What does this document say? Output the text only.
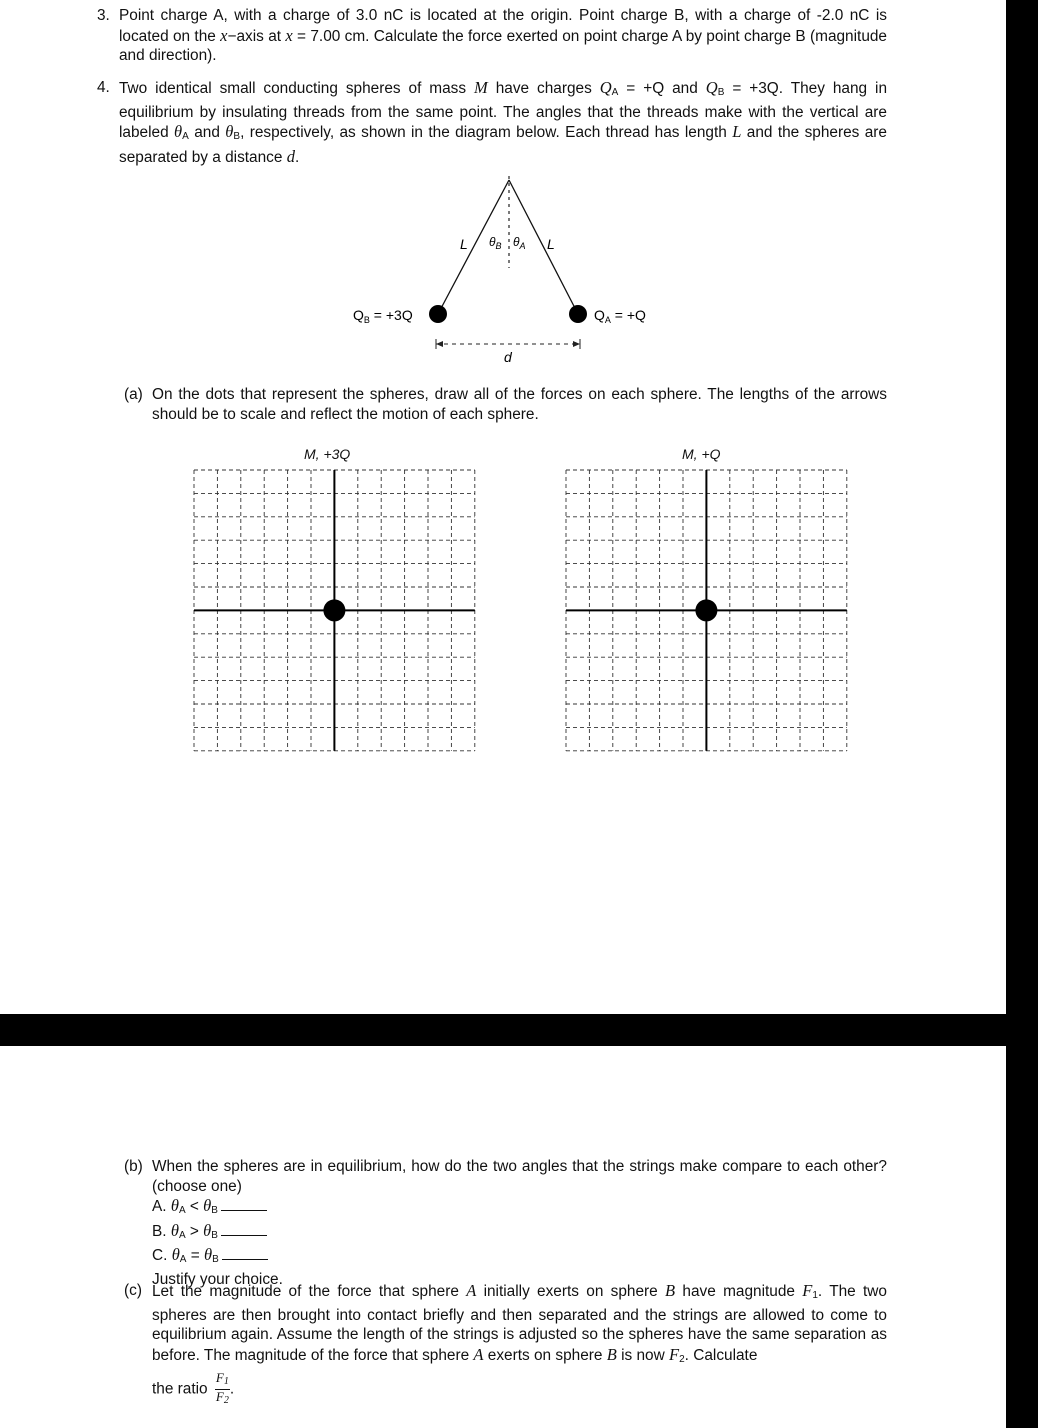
3. Point charge A, with a charge of 3.0 nC is located at the origin. Point charge B, with a charge of -2.0 nC is located on the x−axis at x = 7.00 cm. Calculate the force exerted on point charge A by point charge B (magnitude and direction).
4. Two identical small conducting spheres of mass M have charges $Q_A = +Q$ and $Q_B = +3Q$. They hang in equilibrium by insulating threads from the same point. The angles that the threads make with the vertical are labeled $\theta_A$ and $\theta_B$, respectively, as shown in the diagram below. Each thread has length L and the spheres are separated by a distance d.
L	L
$\theta_B$ $\theta_A$
$Q_B = +3Q$	$Q_A = +Q$
d
(a) On the dots that represent the spheres, draw all of the forces on each sphere. The lengths of the arrows should be to scale and reflect the motion of each sphere.
M, +3Q	M, +Q
(b) When the spheres are in equilibrium, how do the two angles that the strings make compare to each other? (choose one)
A. $\theta_A < \theta_B$
B. $\theta_A > \theta_B$
C. $\theta_A = \theta_B$
Justify your choice.
(c) Let the magnitude of the force that sphere A initially exerts on sphere B have magnitude $F_1$. The two spheres are then brought into contact briefly and then separated and the strings are allowed to come to equilibrium again. Assume the length of the strings is adjusted so the spheres have the same separation as before. The magnitude of the force that sphere A exerts on sphere B is now $F_2$. Calculate
the ratio $\frac{F_1}{F_2}$ .
